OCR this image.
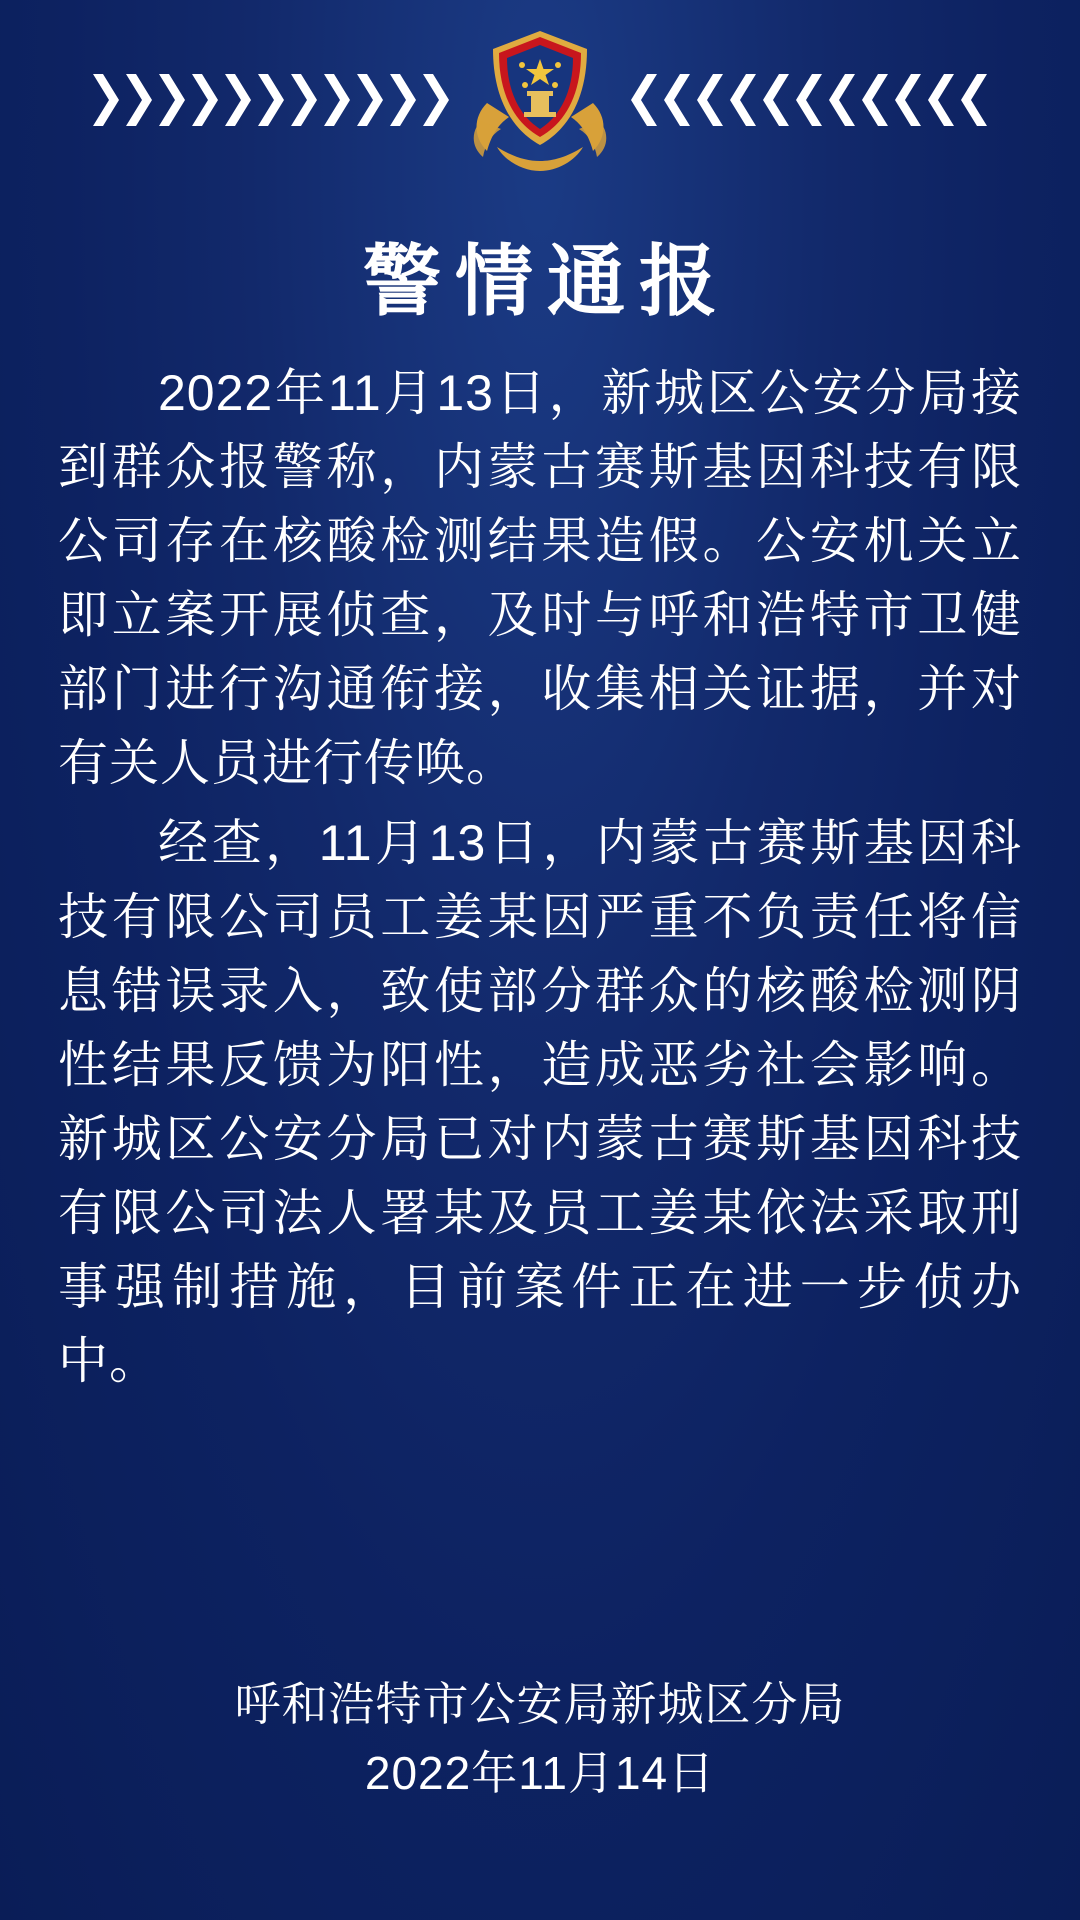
警情通报

2022年11月13日，新城区公安分局接到群众报警称，内蒙古赛斯基因科技有限公司存在核酸检测结果造假。公安机关立即立案开展侦查，及时与呼和浩特市卫健部门进行沟通衔接，收集相关证据，并对有关人员进行传唤。

经查，11月13日，内蒙古赛斯基因科技有限公司员工姜某因严重不负责任将信息错误录入，致使部分群众的核酸检测阴性结果反馈为阳性，造成恶劣社会影响。新城区公安分局已对内蒙古赛斯基因科技有限公司法人署某及员工姜某依法采取刑事强制措施，目前案件正在进一步侦办中。

呼和浩特市公安局新城区分局
2022年11月14日
